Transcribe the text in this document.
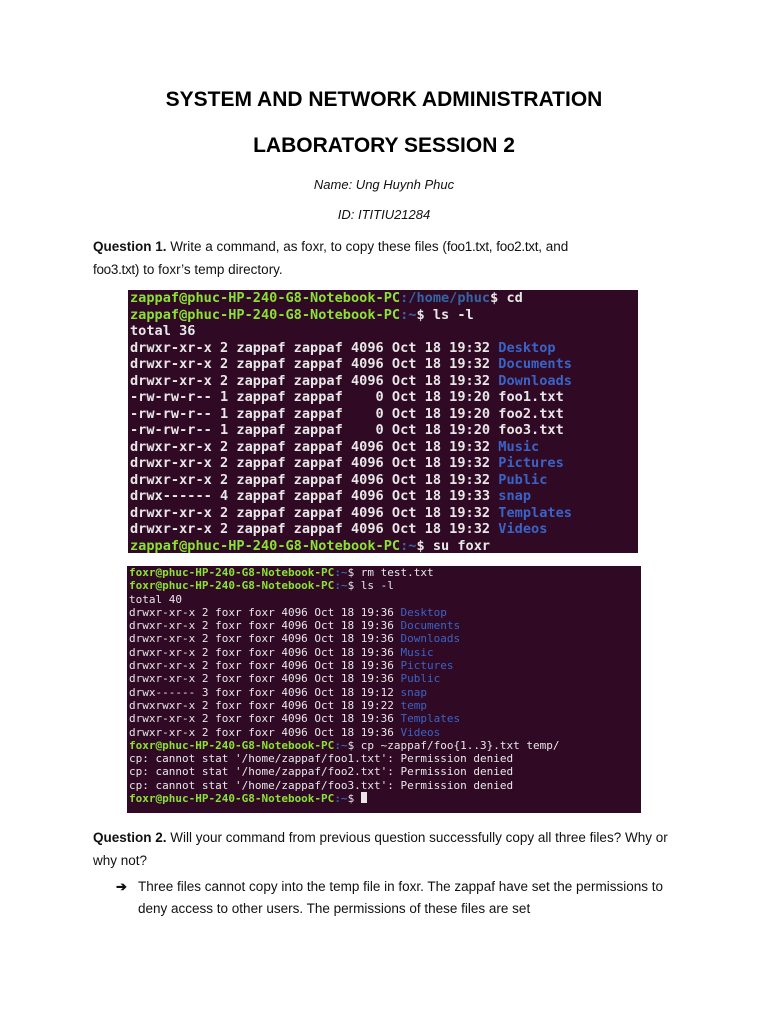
SYSTEM AND NETWORK ADMINISTRATION
LABORATORY SESSION 2
Name: Ung Huynh Phuc
ID: ITITIU21284
Question 1. Write a command, as foxr, to copy these files (foo1.txt, foo2.txt, and
foo3.txt) to foxr’s temp directory.
zappaf@phuc-HP-240-G8-Notebook-PC:/home/phuc$ cd
zappaf@phuc-HP-240-G8-Notebook-PC:~$ ls -l
total 36
drwxr-xr-x 2 zappaf zappaf 4096 Oct 18 19:32 Desktop
drwxr-xr-x 2 zappaf zappaf 4096 Oct 18 19:32 Documents
drwxr-xr-x 2 zappaf zappaf 4096 Oct 18 19:32 Downloads
-rw-rw-r-- 1 zappaf zappaf    0 Oct 18 19:20 foo1.txt
-rw-rw-r-- 1 zappaf zappaf    0 Oct 18 19:20 foo2.txt
-rw-rw-r-- 1 zappaf zappaf    0 Oct 18 19:20 foo3.txt
drwxr-xr-x 2 zappaf zappaf 4096 Oct 18 19:32 Music
drwxr-xr-x 2 zappaf zappaf 4096 Oct 18 19:32 Pictures
drwxr-xr-x 2 zappaf zappaf 4096 Oct 18 19:32 Public
drwx------ 4 zappaf zappaf 4096 Oct 18 19:33 snap
drwxr-xr-x 2 zappaf zappaf 4096 Oct 18 19:32 Templates
drwxr-xr-x 2 zappaf zappaf 4096 Oct 18 19:32 Videos
zappaf@phuc-HP-240-G8-Notebook-PC:~$ su foxr
foxr@phuc-HP-240-G8-Notebook-PC:~$ rm test.txt
foxr@phuc-HP-240-G8-Notebook-PC:~$ ls -l
total 40
drwxr-xr-x 2 foxr foxr 4096 Oct 18 19:36 Desktop
drwxr-xr-x 2 foxr foxr 4096 Oct 18 19:36 Documents
drwxr-xr-x 2 foxr foxr 4096 Oct 18 19:36 Downloads
drwxr-xr-x 2 foxr foxr 4096 Oct 18 19:36 Music
drwxr-xr-x 2 foxr foxr 4096 Oct 18 19:36 Pictures
drwxr-xr-x 2 foxr foxr 4096 Oct 18 19:36 Public
drwx------ 3 foxr foxr 4096 Oct 18 19:12 snap
drwxrwxr-x 2 foxr foxr 4096 Oct 18 19:22 temp
drwxr-xr-x 2 foxr foxr 4096 Oct 18 19:36 Templates
drwxr-xr-x 2 foxr foxr 4096 Oct 18 19:36 Videos
foxr@phuc-HP-240-G8-Notebook-PC:~$ cp ~zappaf/foo{1..3}.txt temp/
cp: cannot stat '/home/zappaf/foo1.txt': Permission denied
cp: cannot stat '/home/zappaf/foo2.txt': Permission denied
cp: cannot stat '/home/zappaf/foo3.txt': Permission denied
foxr@phuc-HP-240-G8-Notebook-PC:~$
Question 2. Will your command from previous question successfully copy all three files? Why or why not?
➔ Three files cannot copy into the temp file in foxr. The zappaf have set the permissions to deny access to other users. The permissions of these files are set
